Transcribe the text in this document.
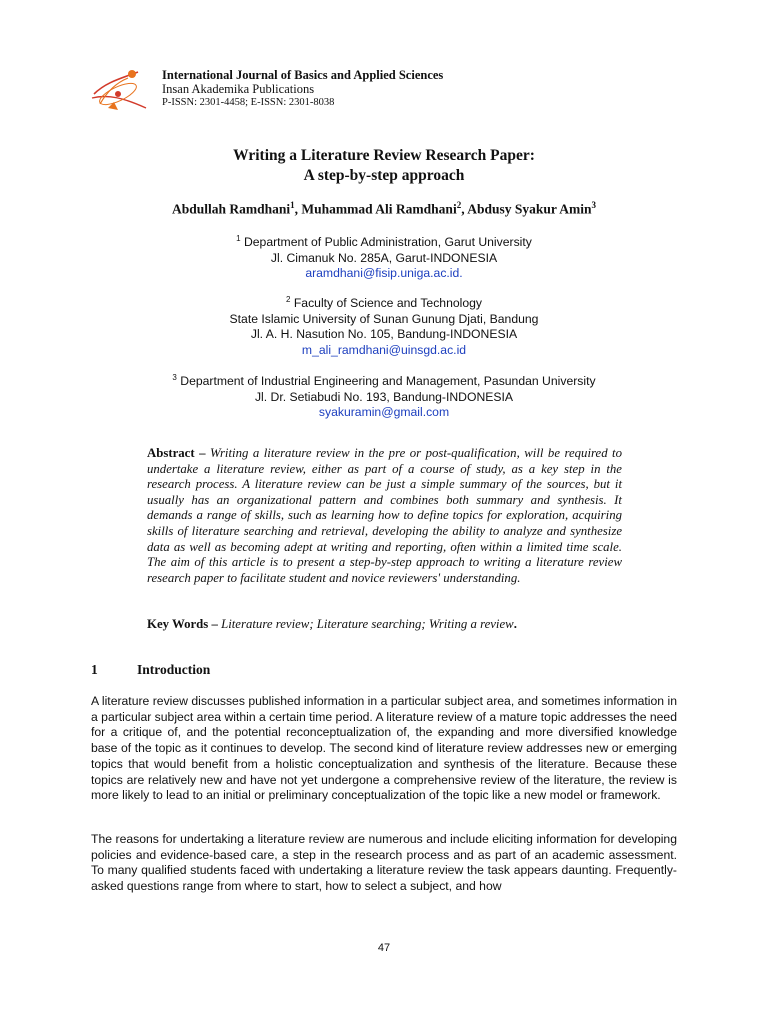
International Journal of Basics and Applied Sciences
Insan Akademika Publications
P-ISSN: 2301-4458; E-ISSN: 2301-8038
Writing a Literature Review Research Paper:
A step-by-step approach
Abdullah Ramdhani$^1$, Muhammad Ali Ramdhani$^2$, Abdusy Syakur Amin$^3$
$^1$ Department of Public Administration, Garut University
Jl. Cimanuk No. 285A, Garut-INDONESIA
aramdhani@fisip.uniga.ac.id.
$^2$ Faculty of Science and Technology
State Islamic University of Sunan Gunung Djati, Bandung
Jl. A. H. Nasution No. 105, Bandung-INDONESIA
m_ali_ramdhani@uinsgd.ac.id
$^3$ Department of Industrial Engineering and Management, Pasundan University
Jl. Dr. Setiabudi No. 193, Bandung-INDONESIA
syakuramin@gmail.com
Abstract – Writing a literature review in the pre or post-qualification, will be required to undertake a literature review, either as part of a course of study, as a key step in the research process. A literature review can be just a simple summary of the sources, but it usually has an organizational pattern and combines both summary and synthesis. It demands a range of skills, such as learning how to define topics for exploration, acquiring skills of literature searching and retrieval, developing the ability to analyze and synthesize data as well as becoming adept at writing and reporting, often within a limited time scale. The aim of this article is to present a step-by-step approach to writing a literature review research paper to facilitate student and novice reviewers' understanding.
Key Words – Literature review; Literature searching; Writing a review.
1	Introduction
A literature review discusses published information in a particular subject area, and sometimes information in a particular subject area within a certain time period. A literature review of a mature topic addresses the need for a critique of, and the potential reconceptualization of, the expanding and more diversified knowledge base of the topic as it continues to develop. The second kind of literature review addresses new or emerging topics that would benefit from a holistic conceptualization and synthesis of the literature. Because these topics are relatively new and have not yet undergone a comprehensive review of the literature, the review is more likely to lead to an initial or preliminary conceptualization of the topic like a new model or framework.
The reasons for undertaking a literature review are numerous and include eliciting information for developing policies and evidence-based care, a step in the research process and as part of an academic assessment. To many qualified students faced with undertaking a literature review the task appears daunting. Frequently-asked questions range from where to start, how to select a subject, and how
47
